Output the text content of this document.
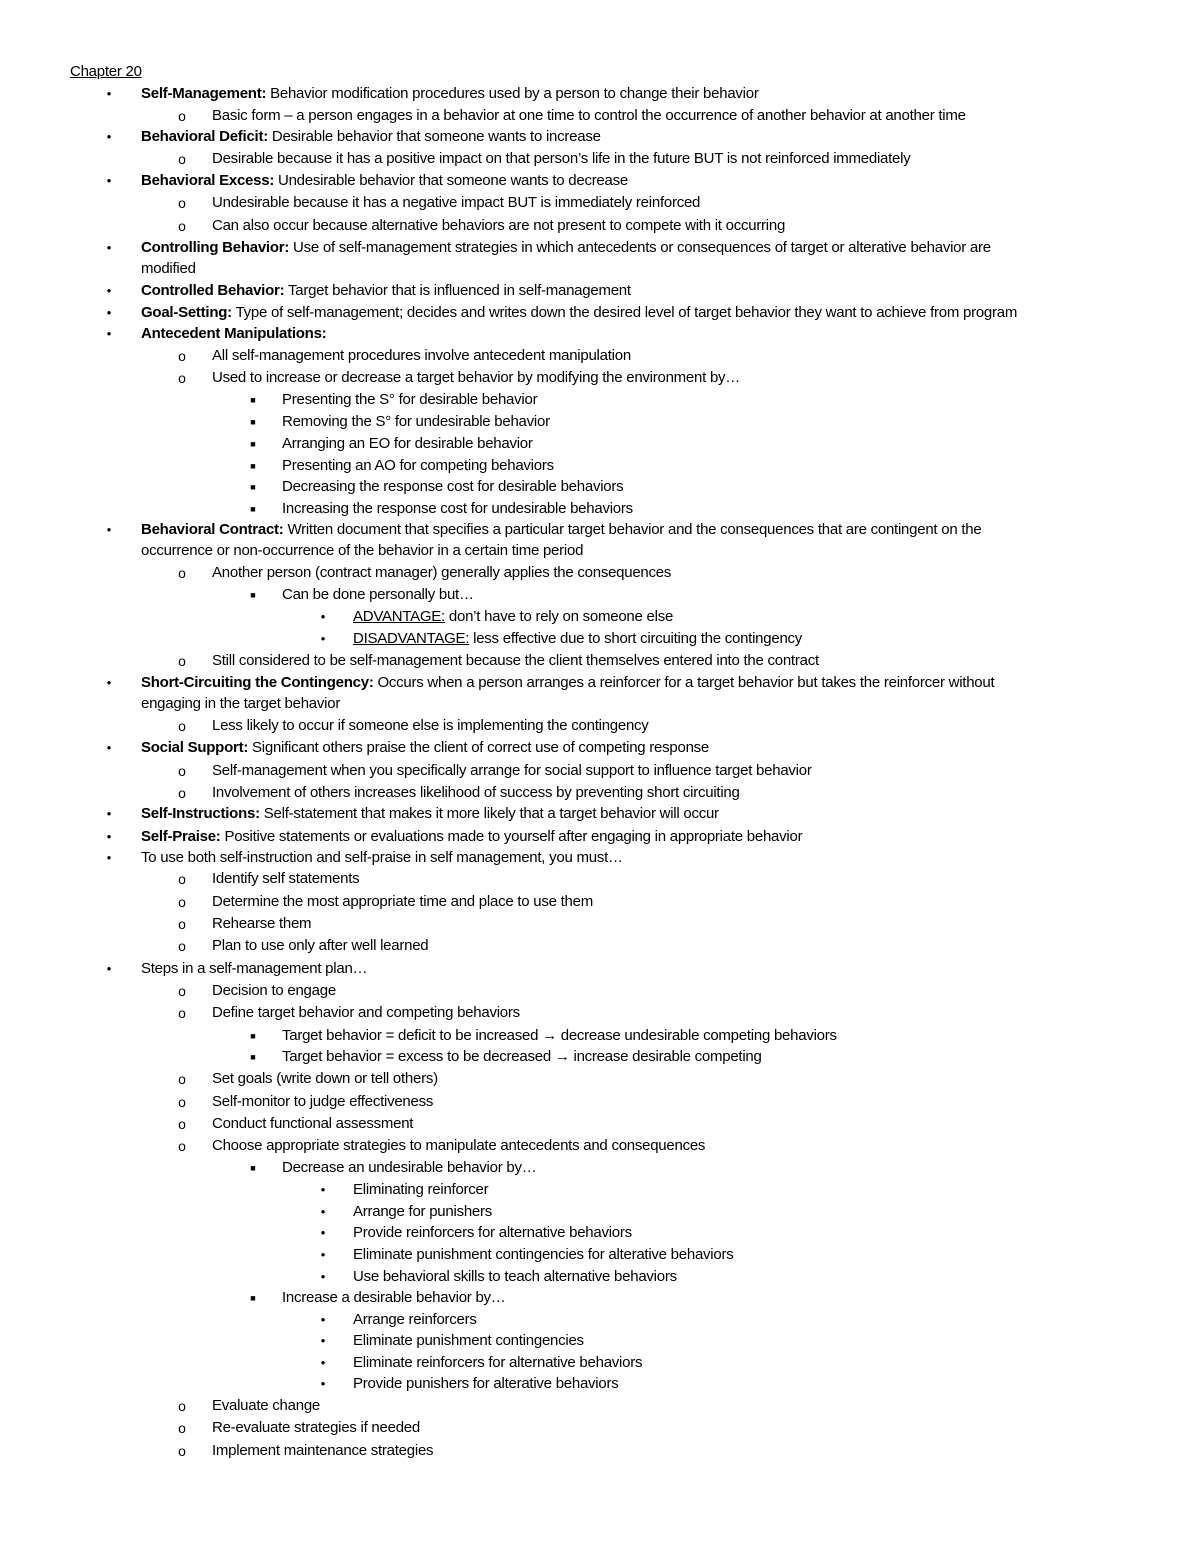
Chapter 20
•	Self-Management: Behavior modification procedures used by a person to change their behavior
o Basic form – a person engages in a behavior at one time to control the occurrence of another behavior at another time
•	Behavioral Deficit: Desirable behavior that someone wants to increase
o Desirable because it has a positive impact on that person’s life in the future BUT is not reinforced immediately
•	Behavioral Excess: Undesirable behavior that someone wants to decrease
o Undesirable because it has a negative impact BUT is immediately reinforced
o Can also occur because alternative behaviors are not present to compete with it occurring
•	Controlling Behavior: Use of self-management strategies in which antecedents or consequences of target or alterative behavior are
modified
•	Controlled Behavior: Target behavior that is influenced in self-management
•	Goal-Setting: Type of self-management; decides and writes down the desired level of target behavior they want to achieve from program
•	Antecedent Manipulations:
o All self-management procedures involve antecedent manipulation
o Used to increase or decrease a target behavior by modifying the environment by…
■	Presenting the S° for desirable behavior
■	Removing the S° for undesirable behavior
■	Arranging an EO for desirable behavior
■	Presenting an AO for competing behaviors
■	Decreasing the response cost for desirable behaviors
■	Increasing the response cost for undesirable behaviors
•	Behavioral Contract: Written document that specifies a particular target behavior and the consequences that are contingent on the
occurrence or non-occurrence of the behavior in a certain time period
o Another person (contract manager) generally applies the consequences
■	Can be done personally but…
•	ADVANTAGE: don’t have to rely on someone else
•	DISADVANTAGE: less effective due to short circuiting the contingency
o Still considered to be self-management because the client themselves entered into the contract
•	Short-Circuiting the Contingency: Occurs when a person arranges a reinforcer for a target behavior but takes the reinforcer without
engaging in the target behavior
o Less likely to occur if someone else is implementing the contingency
•	Social Support: Significant others praise the client of correct use of competing response
o Self-management when you specifically arrange for social support to influence target behavior
o Involvement of others increases likelihood of success by preventing short circuiting
•	Self-Instructions: Self-statement that makes it more likely that a target behavior will occur
•	Self-Praise: Positive statements or evaluations made to yourself after engaging in appropriate behavior
•	To use both self-instruction and self-praise in self management, you must…
o Identify self statements
o Determine the most appropriate time and place to use them
o Rehearse them
o Plan to use only after well learned
•	Steps in a self-management plan…
o Decision to engage
o Define target behavior and competing behaviors
■	Target behavior = deficit to be increased → decrease undesirable competing behaviors
■	Target behavior = excess to be decreased → increase desirable competing
o Set goals (write down or tell others)
o Self-monitor to judge effectiveness
o Conduct functional assessment
o Choose appropriate strategies to manipulate antecedents and consequences
■	Decrease an undesirable behavior by…
•	Eliminating reinforcer
•	Arrange for punishers
•	Provide reinforcers for alternative behaviors
•	Eliminate punishment contingencies for alterative behaviors
•	Use behavioral skills to teach alternative behaviors
■	Increase a desirable behavior by…
•	Arrange reinforcers
•	Eliminate punishment contingencies
•	Eliminate reinforcers for alternative behaviors
•	Provide punishers for alterative behaviors
o Evaluate change
o Re-evaluate strategies if needed
o Implement maintenance strategies
